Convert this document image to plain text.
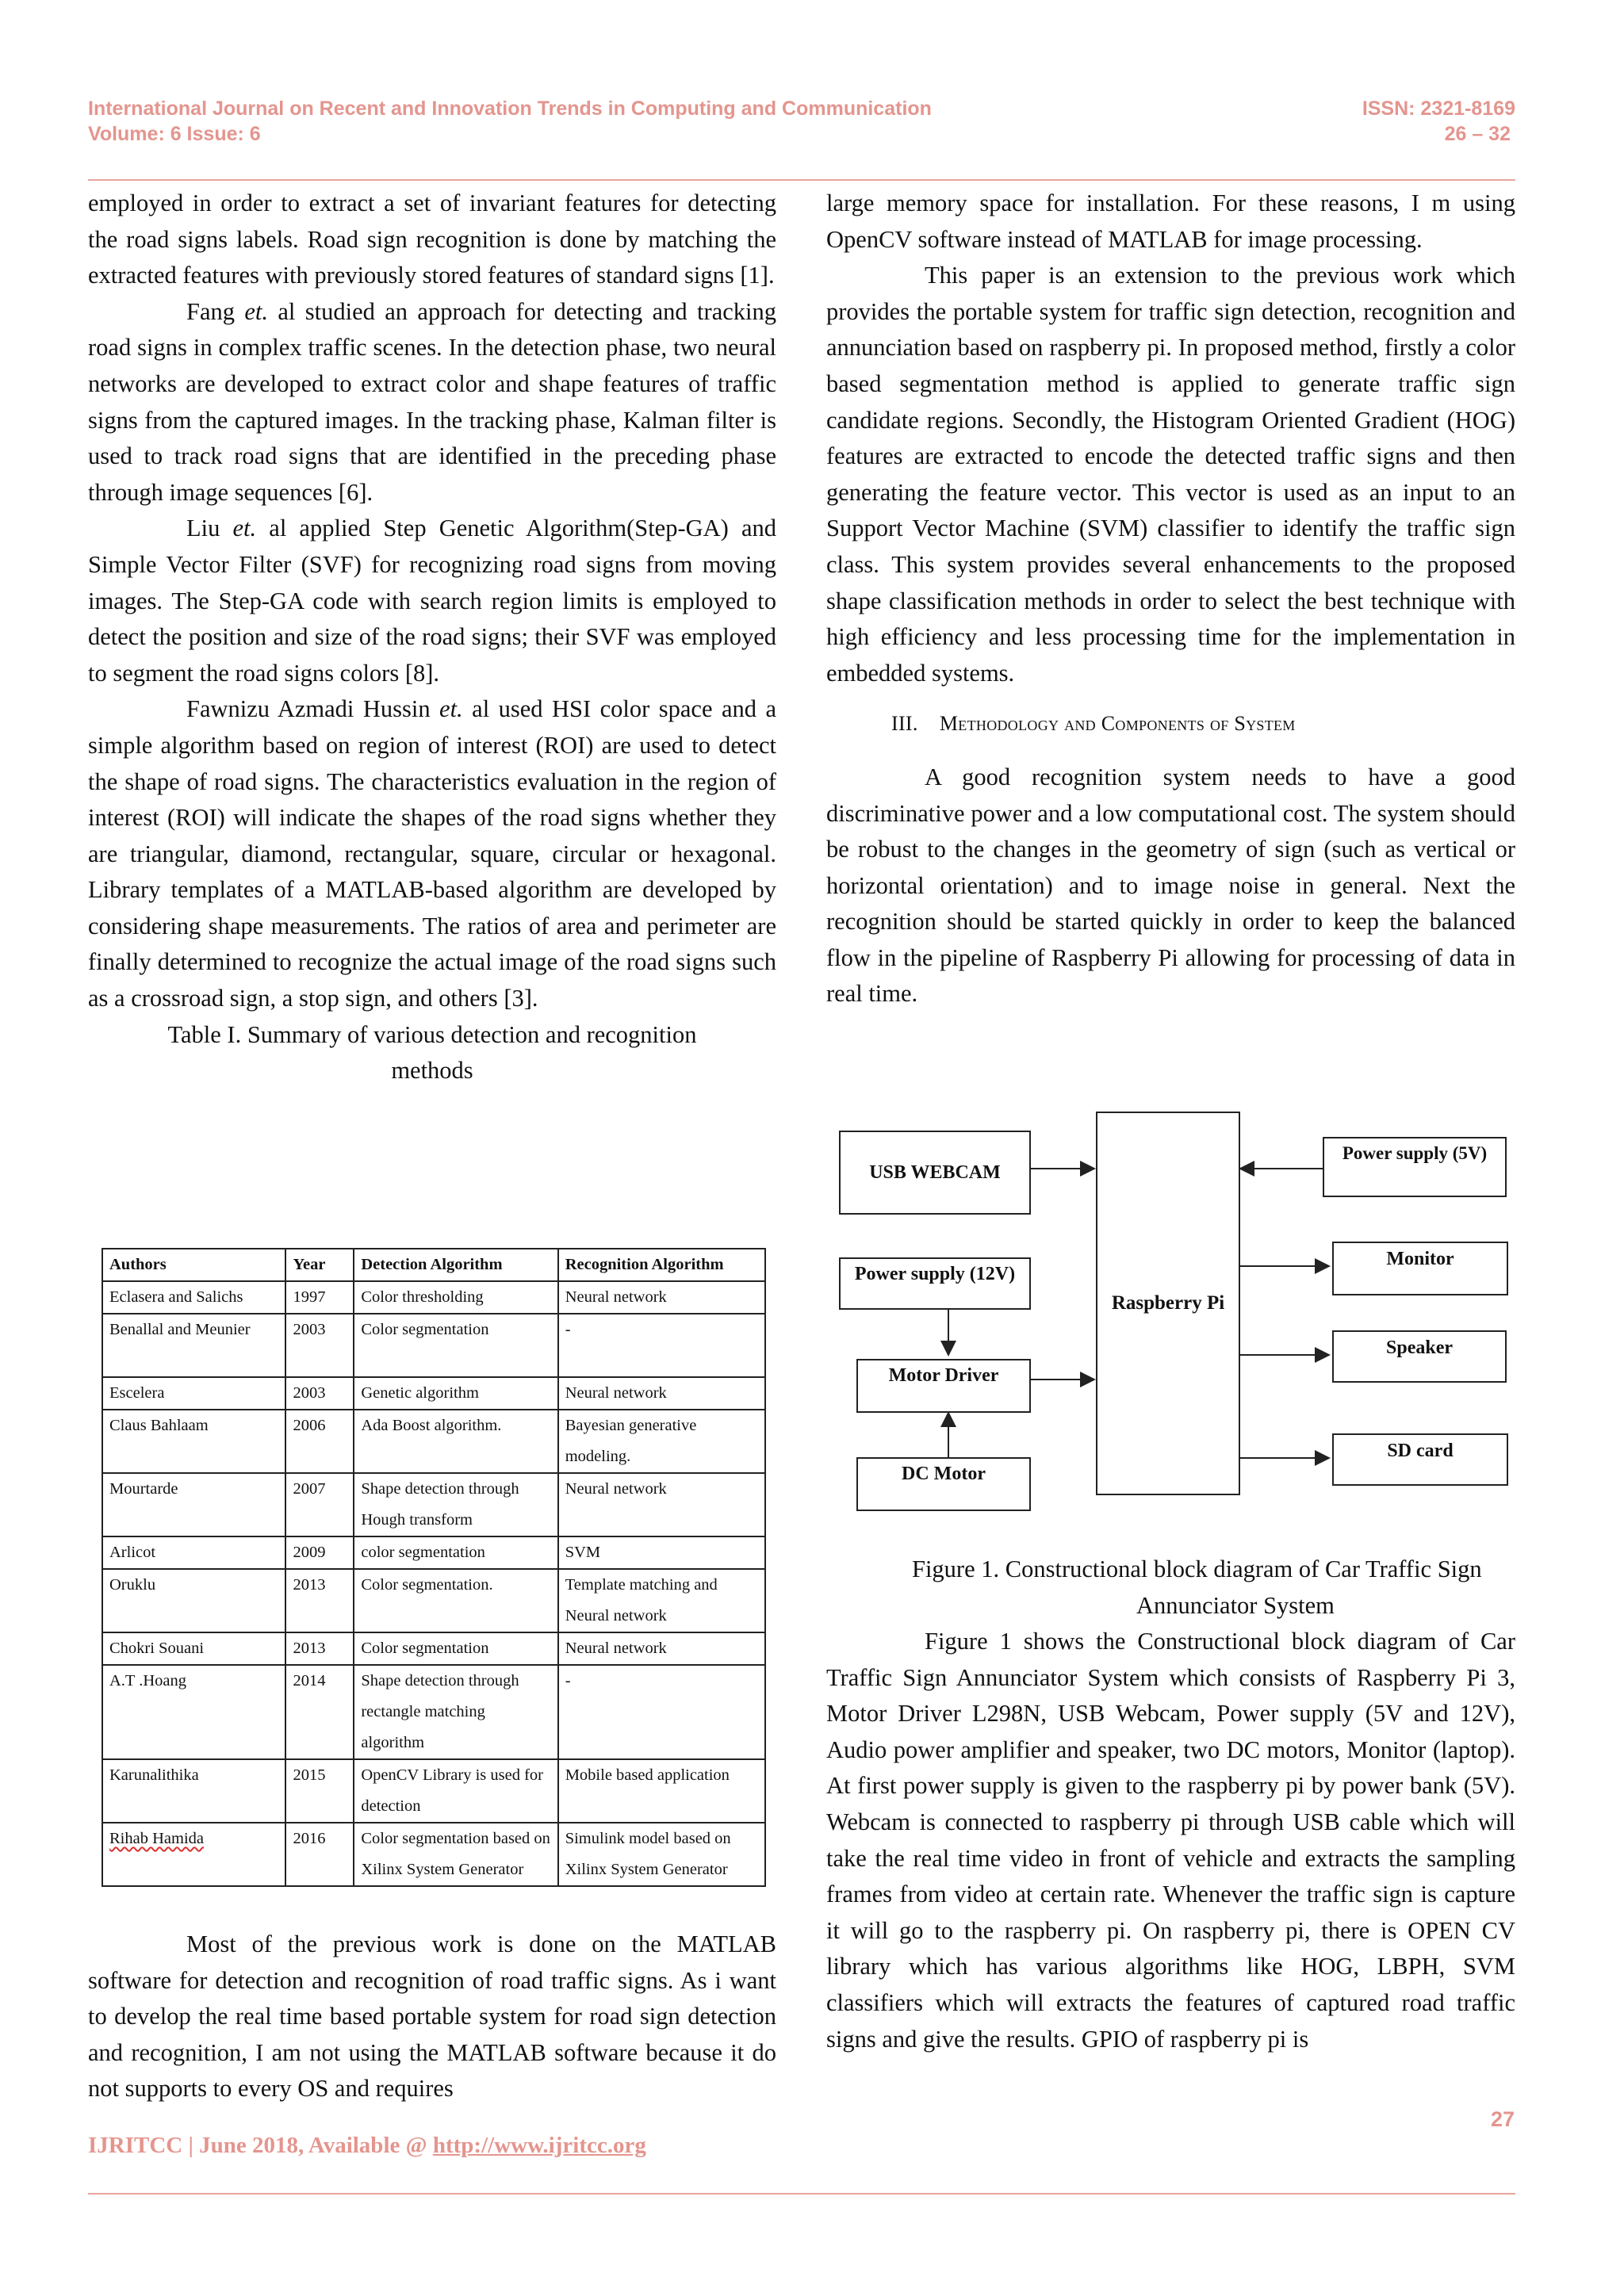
International Journal on Recent and Innovation Trends in Computing and Communication	ISSN: 2321-8169
Volume: 6 Issue: 6	26 – 32

employed in order to extract a set of invariant features for detecting the road signs labels. Road sign recognition is done by matching the extracted features with previously stored features of standard signs [1].

Fang et. al studied an approach for detecting and tracking road signs in complex traffic scenes. In the detection phase, two neural networks are developed to extract color and shape features of traffic signs from the captured images. In the tracking phase, Kalman filter is used to track road signs that are identified in the preceding phase through image sequences [6].

Liu et. al applied Step Genetic Algorithm(Step-GA) and Simple Vector Filter (SVF) for recognizing road signs from moving images. The Step-GA code with search region limits is employed to detect the position and size of the road signs; their SVF was employed to segment the road signs colors [8].

Fawnizu Azmadi Hussin et. al used HSI color space and a simple algorithm based on region of interest (ROI) are used to detect the shape of road signs. The characteristics evaluation in the region of interest (ROI) will indicate the shapes of the road signs whether they are triangular, diamond, rectangular, square, circular or hexagonal. Library templates of a MATLAB-based algorithm are developed by considering shape measurements. The ratios of area and perimeter are finally determined to recognize the actual image of the road signs such as a crossroad sign, a stop sign, and others [3].

Table I. Summary of various detection and recognition

methods

Authors	Year	Detection Algorithm	Recognition Algorithm
Eclasera and Salichs	1997	Color thresholding	Neural network
Benallal and Meunier	2003	Color segmentation	-
Escelera	2003	Genetic algorithm	Neural network
Claus Bahlaam	2006	Ada Boost algorithm.	Bayesian generative modeling.
Mourtarde	2007	Shape detection through Hough transform	Neural network
Arlicot	2009	color segmentation	SVM
Oruklu	2013	Color segmentation.	Template matching and Neural network
Chokri Souani	2013	Color segmentation	Neural network
A.T .Hoang	2014	Shape detection through rectangle matching algorithm	-
Karunalithika	2015	OpenCV Library is used for detection	Mobile based application
Rihab Hamida	2016	Color segmentation based on Xilinx System Generator	Simulink model based on Xilinx System Generator

Most of the previous work is done on the MATLAB software for detection and recognition of road traffic signs. As i want to develop the real time based portable system for road sign detection and recognition, I am not using the MATLAB software because it do not supports to every OS and requires

large memory space for installation. For these reasons, I m using OpenCV software instead of MATLAB for image processing.

This paper is an extension to the previous work which provides the portable system for traffic sign detection, recognition and annunciation based on raspberry pi. In proposed method, firstly a color based segmentation method is applied to generate traffic sign candidate regions. Secondly, the Histogram Oriented Gradient (HOG) features are extracted to encode the detected traffic signs and then generating the feature vector. This vector is used as an input to an Support Vector Machine (SVM) classifier to identify the traffic sign class. This system provides several enhancements to the proposed shape classification methods in order to select the best technique with high efficiency and less processing time for the implementation in embedded systems.

III. Methodology and Components of System

A good recognition system needs to have a good discriminative power and a low computational cost. The system should be robust to the changes in the geometry of sign (such as vertical or horizontal orientation) and to image noise in general. Next the recognition should be started quickly in order to keep the balanced flow in the pipeline of Raspberry Pi allowing for processing of data in real time.

USB WEBCAM
Raspberry Pi
Power supply (5V)
Power supply (12V)
Monitor
Speaker
Motor Driver
SD card
DC Motor

Figure 1. Constructional block diagram of Car Traffic Sign

Annunciator System

Figure 1 shows the Constructional block diagram of Car Traffic Sign Annunciator System which consists of Raspberry Pi 3, Motor Driver L298N, USB Webcam, Power supply (5V and 12V), Audio power amplifier and speaker, two DC motors, Monitor (laptop). At first power supply is given to the raspberry pi by power bank (5V). Webcam is connected to raspberry pi through USB cable which will take the real time video in front of vehicle and extracts the sampling frames from video at certain rate. Whenever the traffic sign is capture it will go to the raspberry pi. On raspberry pi, there is OPEN CV library which has various algorithms like HOG, LBPH, SVM classifiers which will extracts the features of captured road traffic signs and give the results. GPIO of raspberry pi is

27
IJRITCC | June 2018, Available @ http://www.ijritcc.org
